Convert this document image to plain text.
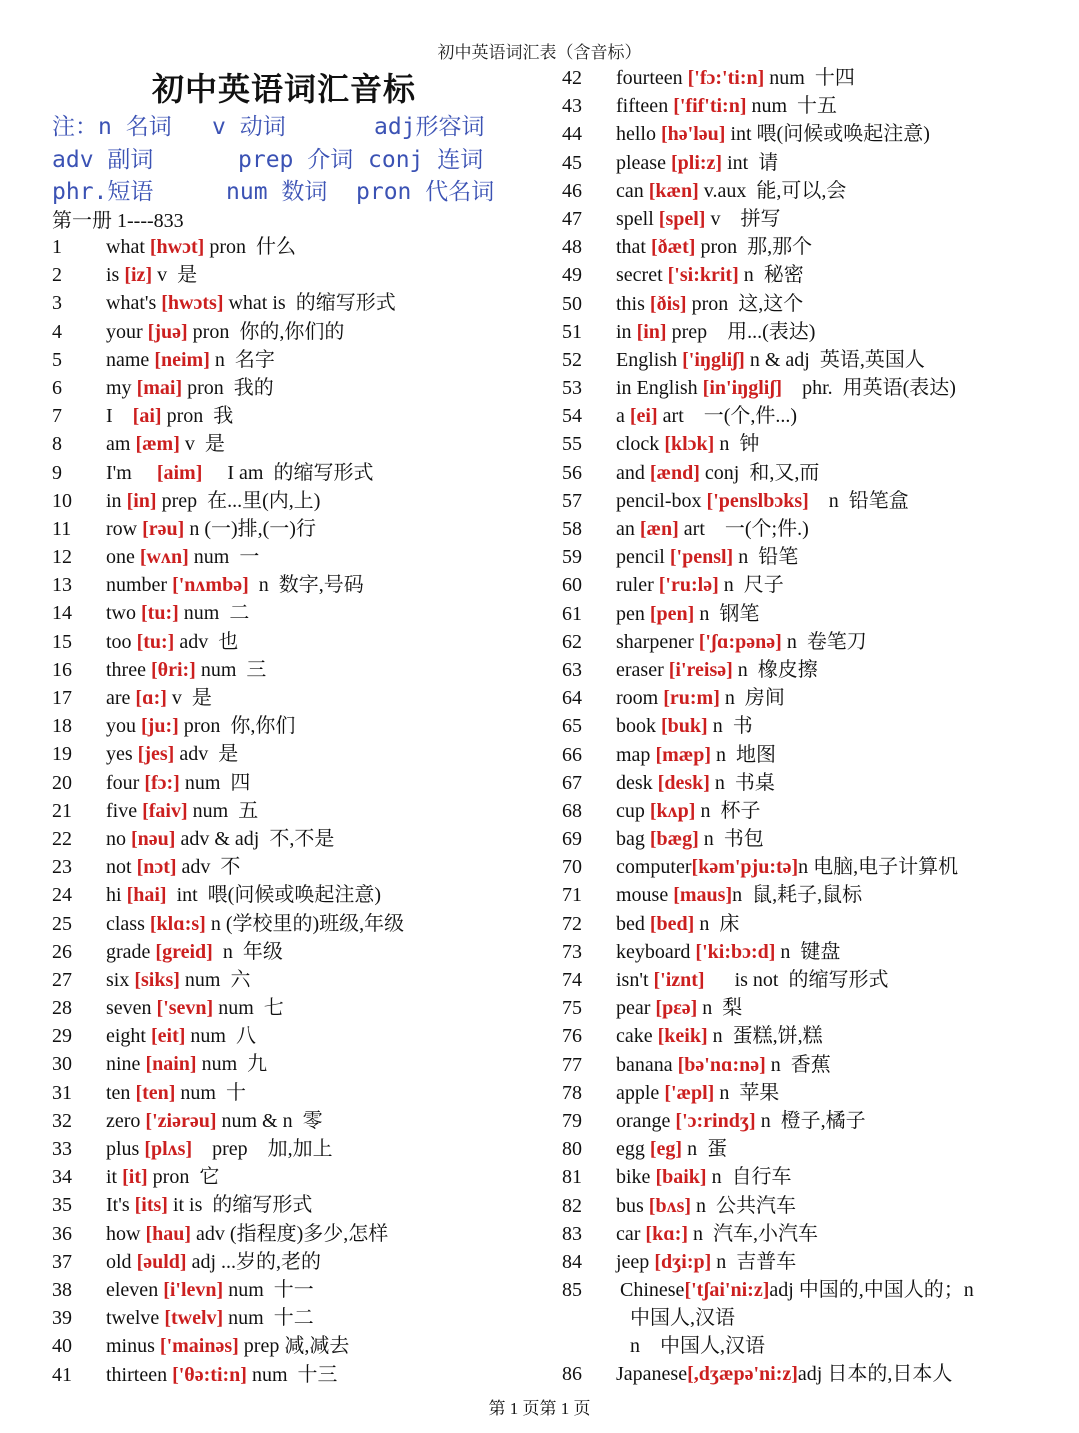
初中英语词汇表（含音标）
初中英语词汇音标
注：n 名词 v 动词	adj形容词
adv 副词	prep 介词 conj 连词
phr.短语	num 数词 pron 代名词
第一册 1----833
1 what [hwɔt] pron  什么
2 is [iz] v  是
3 what's [hwɔts] what is  的缩写形式
4 your [juə] pron  你的,你们的
5 name [neim] n  名字
6 my [mai] pron  我的
7 I    [ai] pron  我
8 am [æm] v  是
9 I'm     [aim]     I am  的缩写形式
10 in [in] prep  在...里(内,上)
11 row [rəu] n (一)排,(一)行
12 one [wʌn] num  一
13 number ['nʌmbə]  n  数字,号码
14 two [tu:] num  二
15 too [tu:] adv  也
16 three [θri:] num  三
17 are [ɑ:] v  是
18 you [ju:] pron  你,你们
19 yes [jes] adv  是
20 four [fɔ:] num  四
21 five [faiv] num  五
22 no [nəu] adv & adj  不,不是
23 not [nɔt] adv  不
24 hi [hai]  int  喂(问候或唤起注意)
25 class [klɑ:s] n (学校里的)班级,年级
26 grade [greid]  n  年级
27 six [siks] num  六
28 seven ['sevn] num  七
29 eight [eit] num  八
30 nine [nain] num  九
31 ten [ten] num  十
32 zero ['ziərəu] num & n  零
33 plus [plʌs]    prep    加,加上
34 it [it] pron  它
35 It's [its] it is  的缩写形式
36 how [hau] adv (指程度)多少,怎样
37 old [əuld] adj ...岁的,老的
38 eleven [i'levn] num  十一
39 twelve [twelv] num  十二
40 minus ['mainəs] prep 减,减去
41 thirteen ['θə:ti:n] num  十三
42 fourteen ['fɔ:'ti:n] num  十四
43 fifteen ['fif'ti:n] num  十五
44 hello [hə'ləu] int 喂(问候或唤起注意)
45 please [pli:z] int  请
46 can [kæn] v.aux  能,可以,会
47 spell [spel] v    拼写
48 that [ðæt] pron  那,那个
49 secret ['si:krit] n  秘密
50 this [ðis] pron  这,这个
51 in [in] prep    用...(表达)
52 English ['iŋgliʃ] n & adj  英语,英国人
53 in English [in'iŋgliʃ]    phr.  用英语(表达)
54 a [ei] art    一(个,件...)
55 clock [klɔk] n  钟
56 and [ænd] conj  和,又,而
57 pencil-box ['penslbɔks]    n  铅笔盒
58 an [æn] art    一(个;件.)
59 pencil ['pensl] n  铅笔
60 ruler ['ru:lə] n  尺子
61 pen [pen] n  钢笔
62 sharpener ['ʃɑ:pənə] n  卷笔刀
63 eraser [i'reisə] n  橡皮擦
64 room [ru:m] n  房间
65 book [buk] n  书
66 map [mæp] n  地图
67 desk [desk] n  书桌
68 cup [kʌp] n  杯子
69 bag [bæg] n  书包
70 computer[kəm'pju:tə]n 电脑,电子计算机
71 mouse [maus]n  鼠,耗子,鼠标
72 bed [bed] n  床
73 keyboard ['ki:bɔ:d] n  键盘
74 isn't ['iznt]      is not  的缩写形式
75 pear [pεə] n  梨
76 cake [keik] n  蛋糕,饼,糕
77 banana [bə'nɑ:nə] n  香蕉
78 apple ['æpl] n  苹果
79 orange ['ɔ:rindʒ] n  橙子,橘子
80 egg [eg] n  蛋
81 bike [baik] n  自行车
82 bus [bʌs] n  公共汽车
83 car [kɑ:] n  汽车,小汽车
84 jeep [dʒi:p] n  吉普车
85 Chinese['tʃai'ni:z]adj 中国的,中国人的；n
中国人,汉语
n    中国人,汉语
86 Japanese[,dʒæpə'ni:z]adj 日本的,日本人
第 1 页第 1 页
